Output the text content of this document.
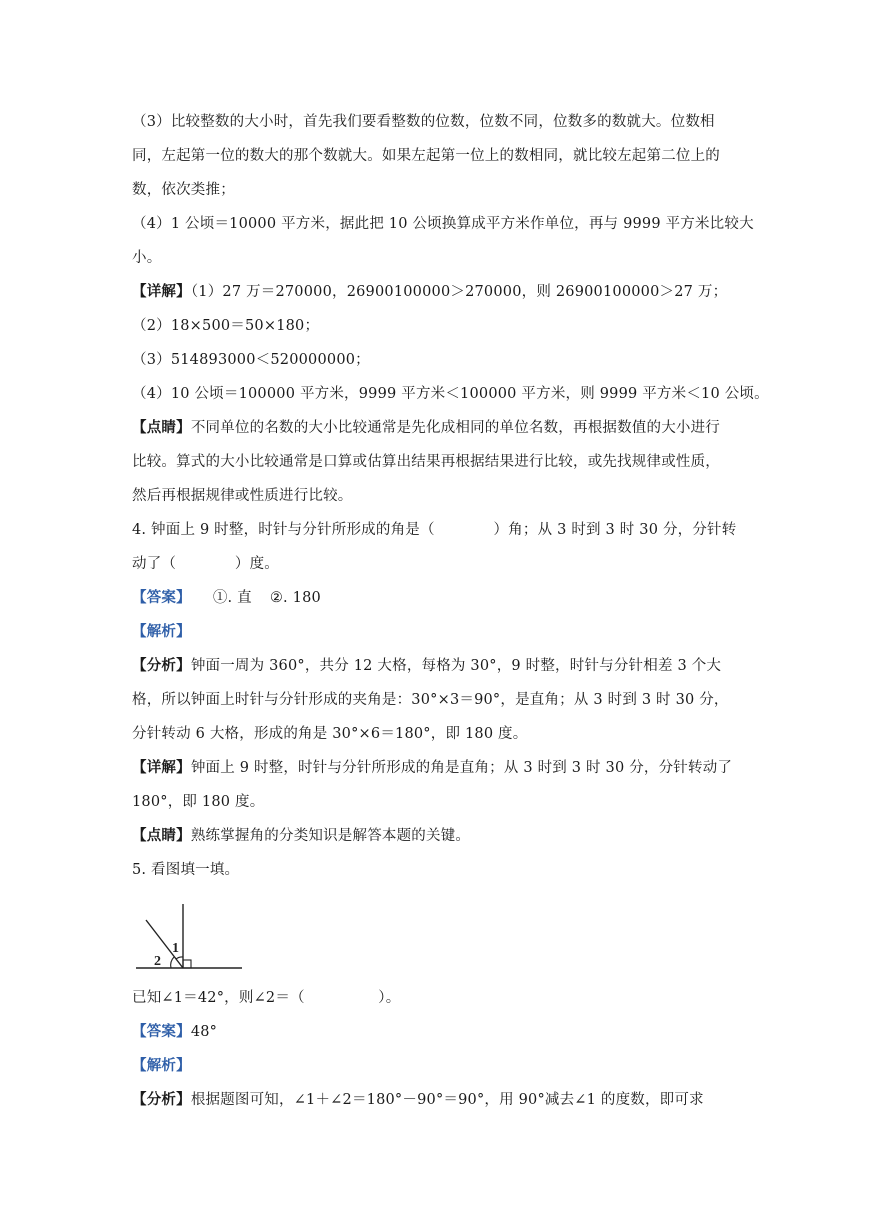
（3）比较整数的大小时，首先我们要看整数的位数，位数不同，位数多的数就大。位数相
同，左起第一位的数大的那个数就大。如果左起第一位上的数相同，就比较左起第二位上的
数，依次类推；
（4）1 公顷＝10000 平方米，据此把 10 公顷换算成平方米作单位，再与 9999 平方米比较大
小。
【详解】（1）27 万＝270000，26900100000＞270000，则 26900100000＞27 万；
（2）18×500＝50×180；
（3）514893000＜520000000；
（4）10 公顷＝100000 平方米，9999 平方米＜100000 平方米，则 9999 平方米＜10 公顷。
【点睛】不同单位的名数的大小比较通常是先化成相同的单位名数，再根据数值的大小进行
比较。算式的大小比较通常是口算或估算出结果再根据结果进行比较，或先找规律或性质，
然后再根据规律或性质进行比较。
4. 钟面上 9 时整，时针与分针所形成的角是（　　　　）角；从 3 时到 3 时 30 分，分针转
动了（　　　　）度。
【答案】 ①. 直 ②. 180
【解析】
【分析】钟面一周为 360°，共分 12 大格，每格为 30°，9 时整，时针与分针相差 3 个大
格，所以钟面上时针与分针形成的夹角是：30°×3＝90°，是直角；从 3 时到 3 时 30 分，
分针转动 6 大格，形成的角是 30°×6＝180°，即 180 度。
【详解】钟面上 9 时整，时针与分针所形成的角是直角；从 3 时到 3 时 30 分，分针转动了
180°，即 180 度。
【点睛】熟练掌握角的分类知识是解答本题的关键。
5. 看图填一填。
1
2
已知∠1＝42°，则∠2＝（　　　　　）。
【答案】48°
【解析】
【分析】根据题图可知，∠1＋∠2＝180°－90°＝90°，用 90°减去∠1 的度数，即可求
